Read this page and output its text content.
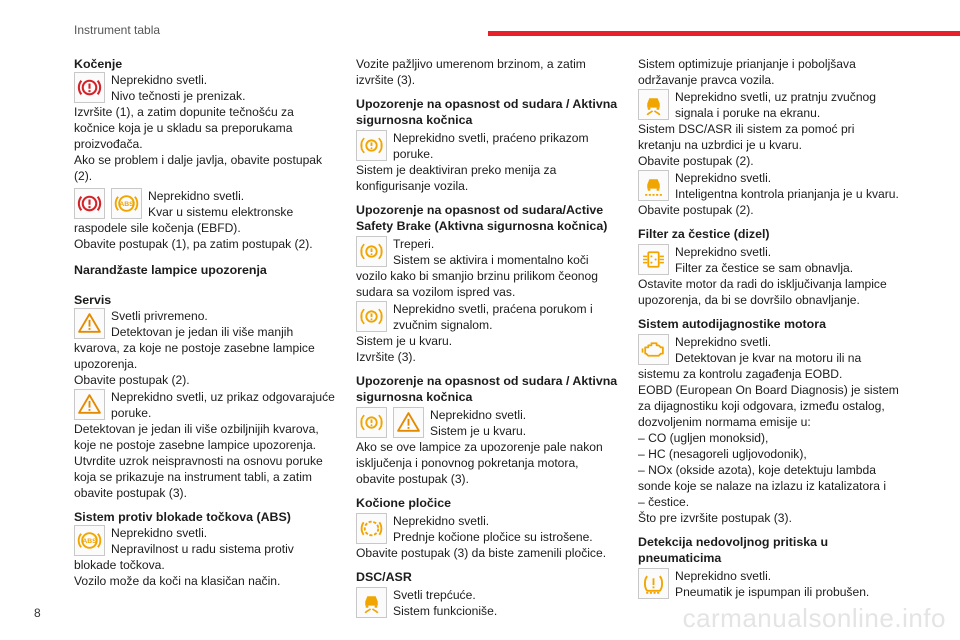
Instrument tabla
Kočenje
Neprekidno svetli.
Nivo tečnosti je prenizak.
Izvršite (1), a zatim dopunite tečnošću za kočnice koja je u skladu sa preporukama proizvođača.
Ako se problem i dalje javlja, obavite postupak (2).
ABS
Neprekidno svetli.
Kvar u sistemu elektronske
raspodele sile kočenja (EBFD).
Obavite postupak (1), pa zatim postupak (2).
Narandžaste lampice upozorenja
Servis
Svetli privremeno.
Detektovan je jedan ili više manjih
kvarova, za koje ne postoje zasebne lampice upozorenja.
Obavite postupak (2).
Neprekidno svetli, uz prikaz odgovarajuće
poruke.
Detektovan je jedan ili više ozbiljnijih kvarova, koje ne postoje zasebne lampice upozorenja. Utvrdite uzrok neispravnosti na osnovu poruke koja se prikazuje na instrument tabli, a zatim obavite postupak (3).
Sistem protiv blokade točkova (ABS)
ABS
Neprekidno svetli.
Nepravilnost u radu sistema protiv
blokade točkova.
Vozilo može da koči na klasičan način.
Vozite pažljivo umerenom brzinom, a zatim izvršite (3).
Upozorenje na opasnost od sudara / Aktivna sigurnosna kočnica
Neprekidno svetli, praćeno prikazom
poruke.
Sistem je deaktiviran preko menija za konfigurisanje vozila.
Upozorenje na opasnost od sudara/Active Safety Brake (Aktivna sigurnosna kočnica)
Treperi.
Sistem se aktivira i momentalno koči
vozilo kako bi smanjio brzinu prilikom čeonog sudara sa vozilom ispred vas.
Neprekidno svetli, praćena porukom i
zvučnim signalom.
Sistem je u kvaru.
Izvršite (3).
Upozorenje na opasnost od sudara / Aktivna sigurnosna kočnica
Neprekidno svetli.
Sistem je u kvaru.
Ako se ove lampice za upozorenje pale nakon isključenja i ponovnog pokretanja motora, obavite postupak (3).
Kočione pločice
Neprekidno svetli.
Prednje kočione pločice su istrošene.
Obavite postupak (3) da biste zamenili pločice.
DSC/ASR
Svetli trepćuće.
Sistem funkcioniše.
Sistem optimizuje prianjanje i poboljšava održavanje pravca vozila.
Neprekidno svetli, uz pratnju zvučnog
signala i poruke na ekranu.
Sistem DSC/ASR ili sistem za pomoć pri kretanju na uzbrdici je u kvaru.
Obavite postupak (2).
Neprekidno svetli.
Inteligentna kontrola prianjanja je u kvaru.
Obavite postupak (2).
Filter za čestice (dizel)
Neprekidno svetli.
Filter za čestice se sam obnavlja.
Ostavite motor da radi do isključivanja lampice upozorenja, da bi se dovršilo obnavljanje.
Sistem autodijagnostike motora
Neprekidno svetli.
Detektovan je kvar na motoru ili na
sistemu za kontrolu zagađenja EOBD.
EOBD (European On Board Diagnosis) je sistem za dijagnostiku koji odgovara, između ostalog, dozvoljenim normama emisije u:
– CO (ugljen monoksid),
– HC (nesagoreli ugljovodonik),
– NOx (okside azota), koje detektuju lambda sonde koje se nalaze na izlazu iz katalizatora i
– čestice.
Što pre izvršite postupak (3).
Detekcija nedovoljnog pritiska u pneumaticima
Neprekidno svetli.
Pneumatik je ispumpan ili probušen.
8	carmanualsonline.info
